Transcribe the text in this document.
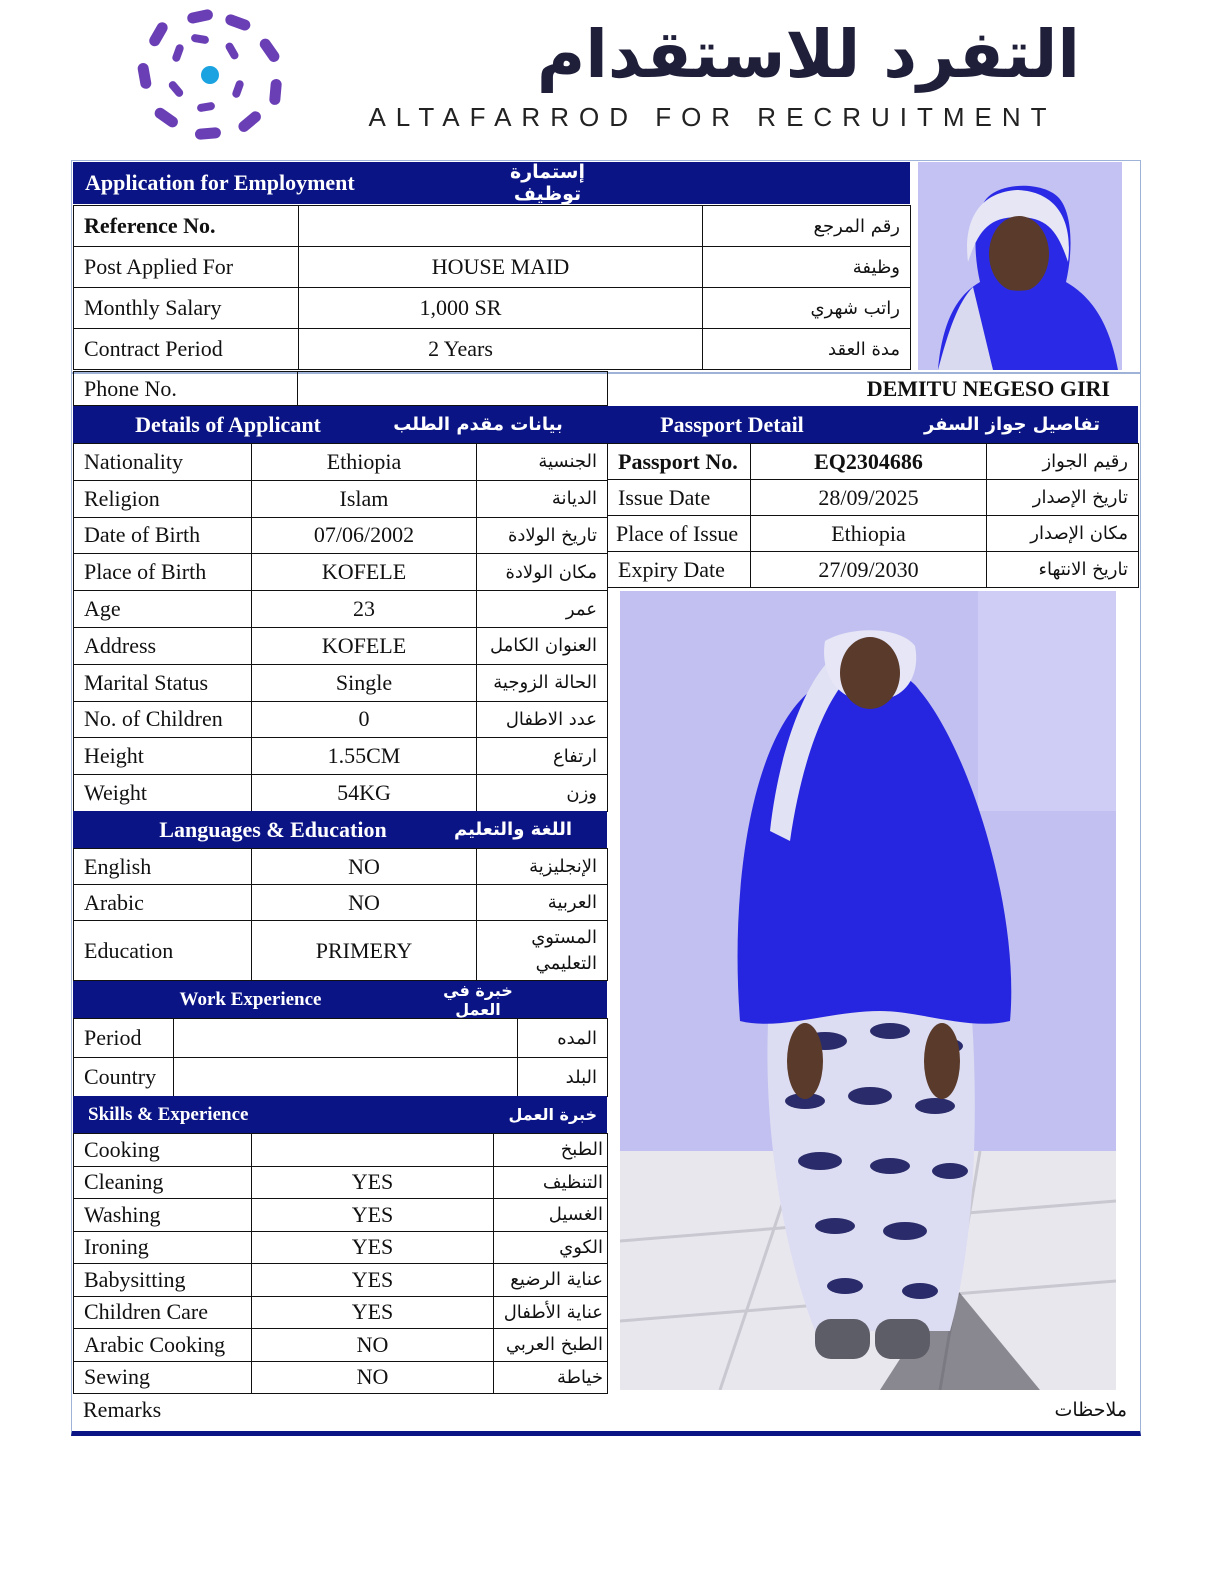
التفرد للاستقدام
ALTAFARROD FOR RECRUITMENT
Application for Employment	إستمارة توظيف
Reference No.		رقم المرجع
Post Applied For	HOUSE MAID	وظيفة
Monthly Salary	1,000 SR	راتب شهري
Contract Period	2 Years	مدة العقد
Phone No.		DEMITU NEGESO GIRI
Details of Applicant	بيانات مقدم الطلب
Nationality	Ethiopia	الجنسية
Religion	Islam	الديانة
Date of Birth	07/06/2002	تاريخ الولادة
Place of Birth	KOFELE	مكان الولادة
Age	23	عمر
Address	KOFELE	العنوان الكامل
Marital Status	Single	الحالة الزوجية
No. of Children	0	عدد الاطفال
Height	1.55CM	ارتفاع
Weight	54KG	وزن
Languages & Education	اللغة والتعليم
English	NO	الإنجليزية
Arabic	NO	العربية
Education	PRIMERY	المستوي التعليمي
Work Experience	خبرة في العمل
Period		المده
Country		البلد
Skills & Experience	خبرة العمل
Cooking		الطبخ
Cleaning	YES	التنظيف
Washing	YES	الغسيل
Ironing	YES	الكوي
Babysitting	YES	عناية الرضيع
Children Care	YES	عناية الأطفال
Arabic Cooking	NO	الطبخ العربي
Sewing	NO	خياطة
Remarks	ملاحظات
Passport Detail	تفاصيل جواز السفر
Passport No.	EQ2304686	رقيم الجواز
Issue Date	28/09/2025	تاريخ الإصدار
Place of Issue	Ethiopia	مكان الإصدار
Expiry Date	27/09/2030	تاريخ الانتهاء
